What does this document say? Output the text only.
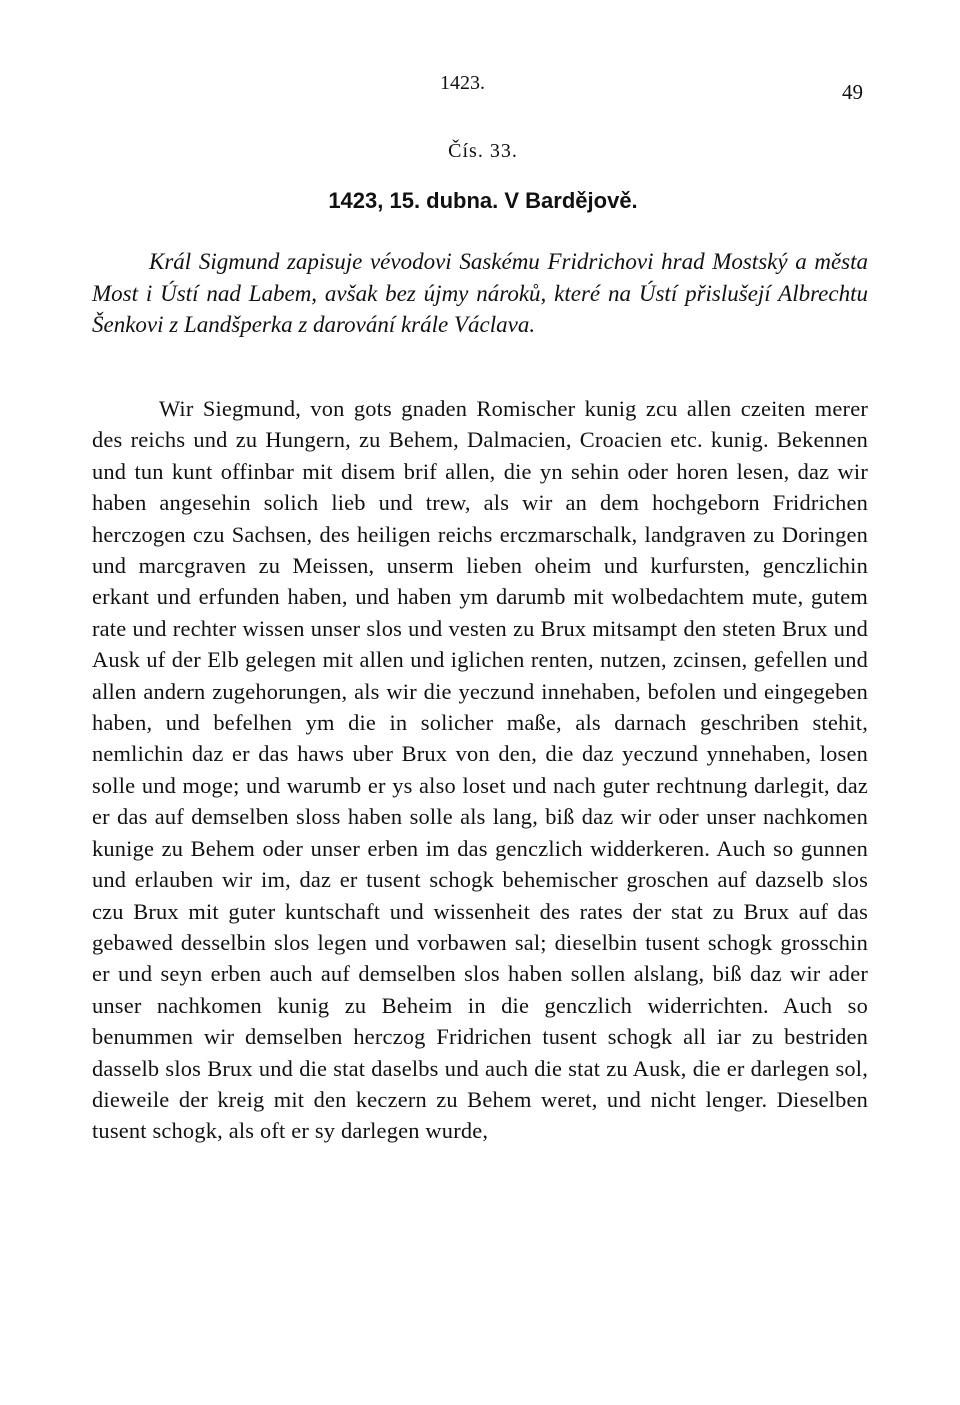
1423.	49
Čís. 33.
1423, 15. dubna. V Bardějově.

Král Sigmund zapisuje vévodovi Saskému Fridrichovi hrad Mostský a města Most i Ústí nad Labem, avšak bez újmy nároků, které na Ústí přislušejí Albrechtu Šenkovi z Landšperka z darování krále Václava.

Wir Siegmund, von gots gnaden Romischer kunig zcu allen czeiten merer des reichs und zu Hungern, zu Behem, Dalmacien, Croacien etc. kunig. Bekennen und tun kunt offinbar mit disem brif allen, die yn sehin oder horen lesen, daz wir haben angesehin solich lieb und trew, als wir an dem hochgeborn Fridrichen herczogen czu Sachsen, des heiligen reichs erczmarschalk, landgraven zu Doringen und marcgraven zu Meissen, unserm lieben oheim und kurfursten, genczlichin erkant und erfunden haben, und haben ym darumb mit wolbedachtem mute, gutem rate und rechter wissen unser slos und vesten zu Brux mitsampt den steten Brux und Ausk uf der Elb gelegen mit allen und iglichen renten, nutzen, zcinsen, gefellen und allen andern zugehorungen, als wir die yeczund innehaben, befolen und eingegeben haben, und befelhen ym die in solicher maße, als darnach geschriben stehit, nemlichin daz er das haws uber Brux von den, die daz yeczund ynnehaben, losen solle und moge; und warumb er ys also loset und nach guter rechtnung darlegit, daz er das auf demselben sloss haben solle als lang, biß daz wir oder unser nachkomen kunige zu Behem oder unser erben im das genczlich widderkeren. Auch so gunnen und erlauben wir im, daz er tusent schogk behemischer groschen auf dazselb slos czu Brux mit guter kuntschaft und wissenheit des rates der stat zu Brux auf das gebawed desselbin slos legen und vorbawen sal; dieselbin tusent schogk grosschin er und seyn erben auch auf demselben slos haben sollen alslang, biß daz wir ader unser nachkomen kunig zu Beheim in die genczlich widerrichten. Auch so benummen wir demselben herczog Fridrichen tusent schogk all iar zu bestriden dasselb slos Brux und die stat daselbs und auch die stat zu Ausk, die er darlegen sol, dieweile der kreig mit den keczern zu Behem weret, und nicht lenger. Dieselben tusent schogk, als oft er sy darlegen wurde,
